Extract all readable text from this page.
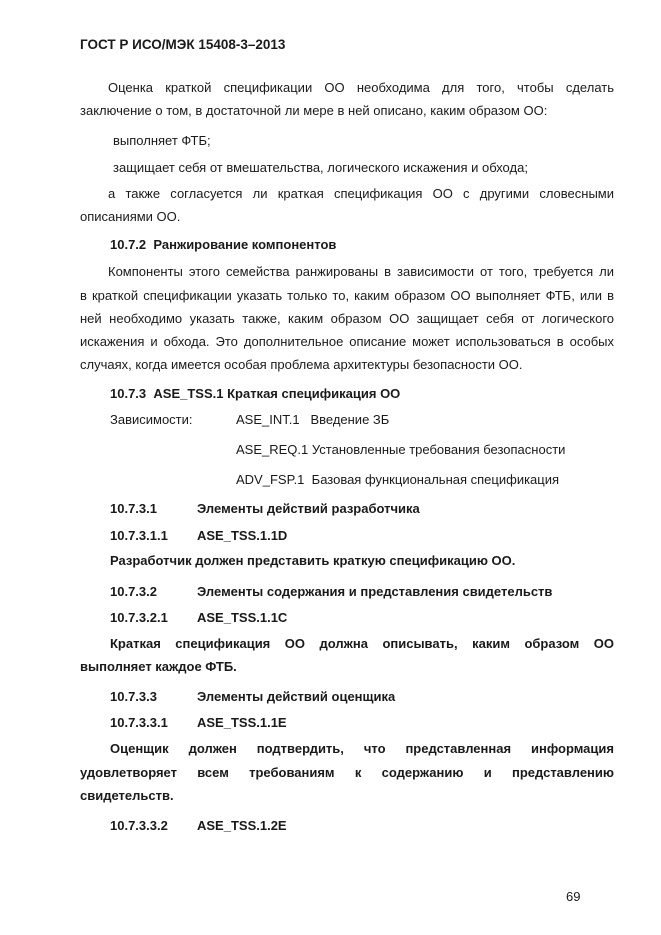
ГОСТ Р ИСО/МЭК 15408-3–2013
Оценка краткой спецификации ОО необходима для того, чтобы сделать
заключение о том, в достаточной ли мере в ней описано, каким образом ОО:
выполняет ФТБ;
защищает себя от вмешательства, логического искажения и обхода;
а также согласуется ли краткая спецификация ОО с другими словесными
описаниями ОО.
10.7.2 Ранжирование компонентов
Компоненты этого семейства ранжированы в зависимости от того, требуется ли
в краткой спецификации указать только то, каким образом ОО выполняет ФТБ, или в
ней необходимо указать также, каким образом ОО защищает себя от логического
искажения и обхода. Это дополнительное описание может использоваться в особых
случаях, когда имеется особая проблема архитектуры безопасности ОО.
10.7.3 ASE_TSS.1 Краткая спецификация ОО
Зависимости:	ASE_INT.1 Введение ЗБ
ASE_REQ.1 Установленные требования безопасности
ADV_FSP.1 Базовая функциональная спецификация
10.7.3.1	Элементы действий разработчика
10.7.3.1.1 ASE_TSS.1.1D
Разработчик должен представить краткую спецификацию ОО.
10.7.3.2	Элементы содержания и представления свидетельств
10.7.3.2.1 ASE_TSS.1.1C
Краткая спецификация ОО должна описывать, каким образом ОО
выполняет каждое ФТБ.
10.7.3.3	Элементы действий оценщика
10.7.3.3.1 ASE_TSS.1.1E
Оценщик должен подтвердить, что представленная информация
удовлетворяет всем требованиям к содержанию и представлению
свидетельств.
10.7.3.3.2 ASE_TSS.1.2E
69
